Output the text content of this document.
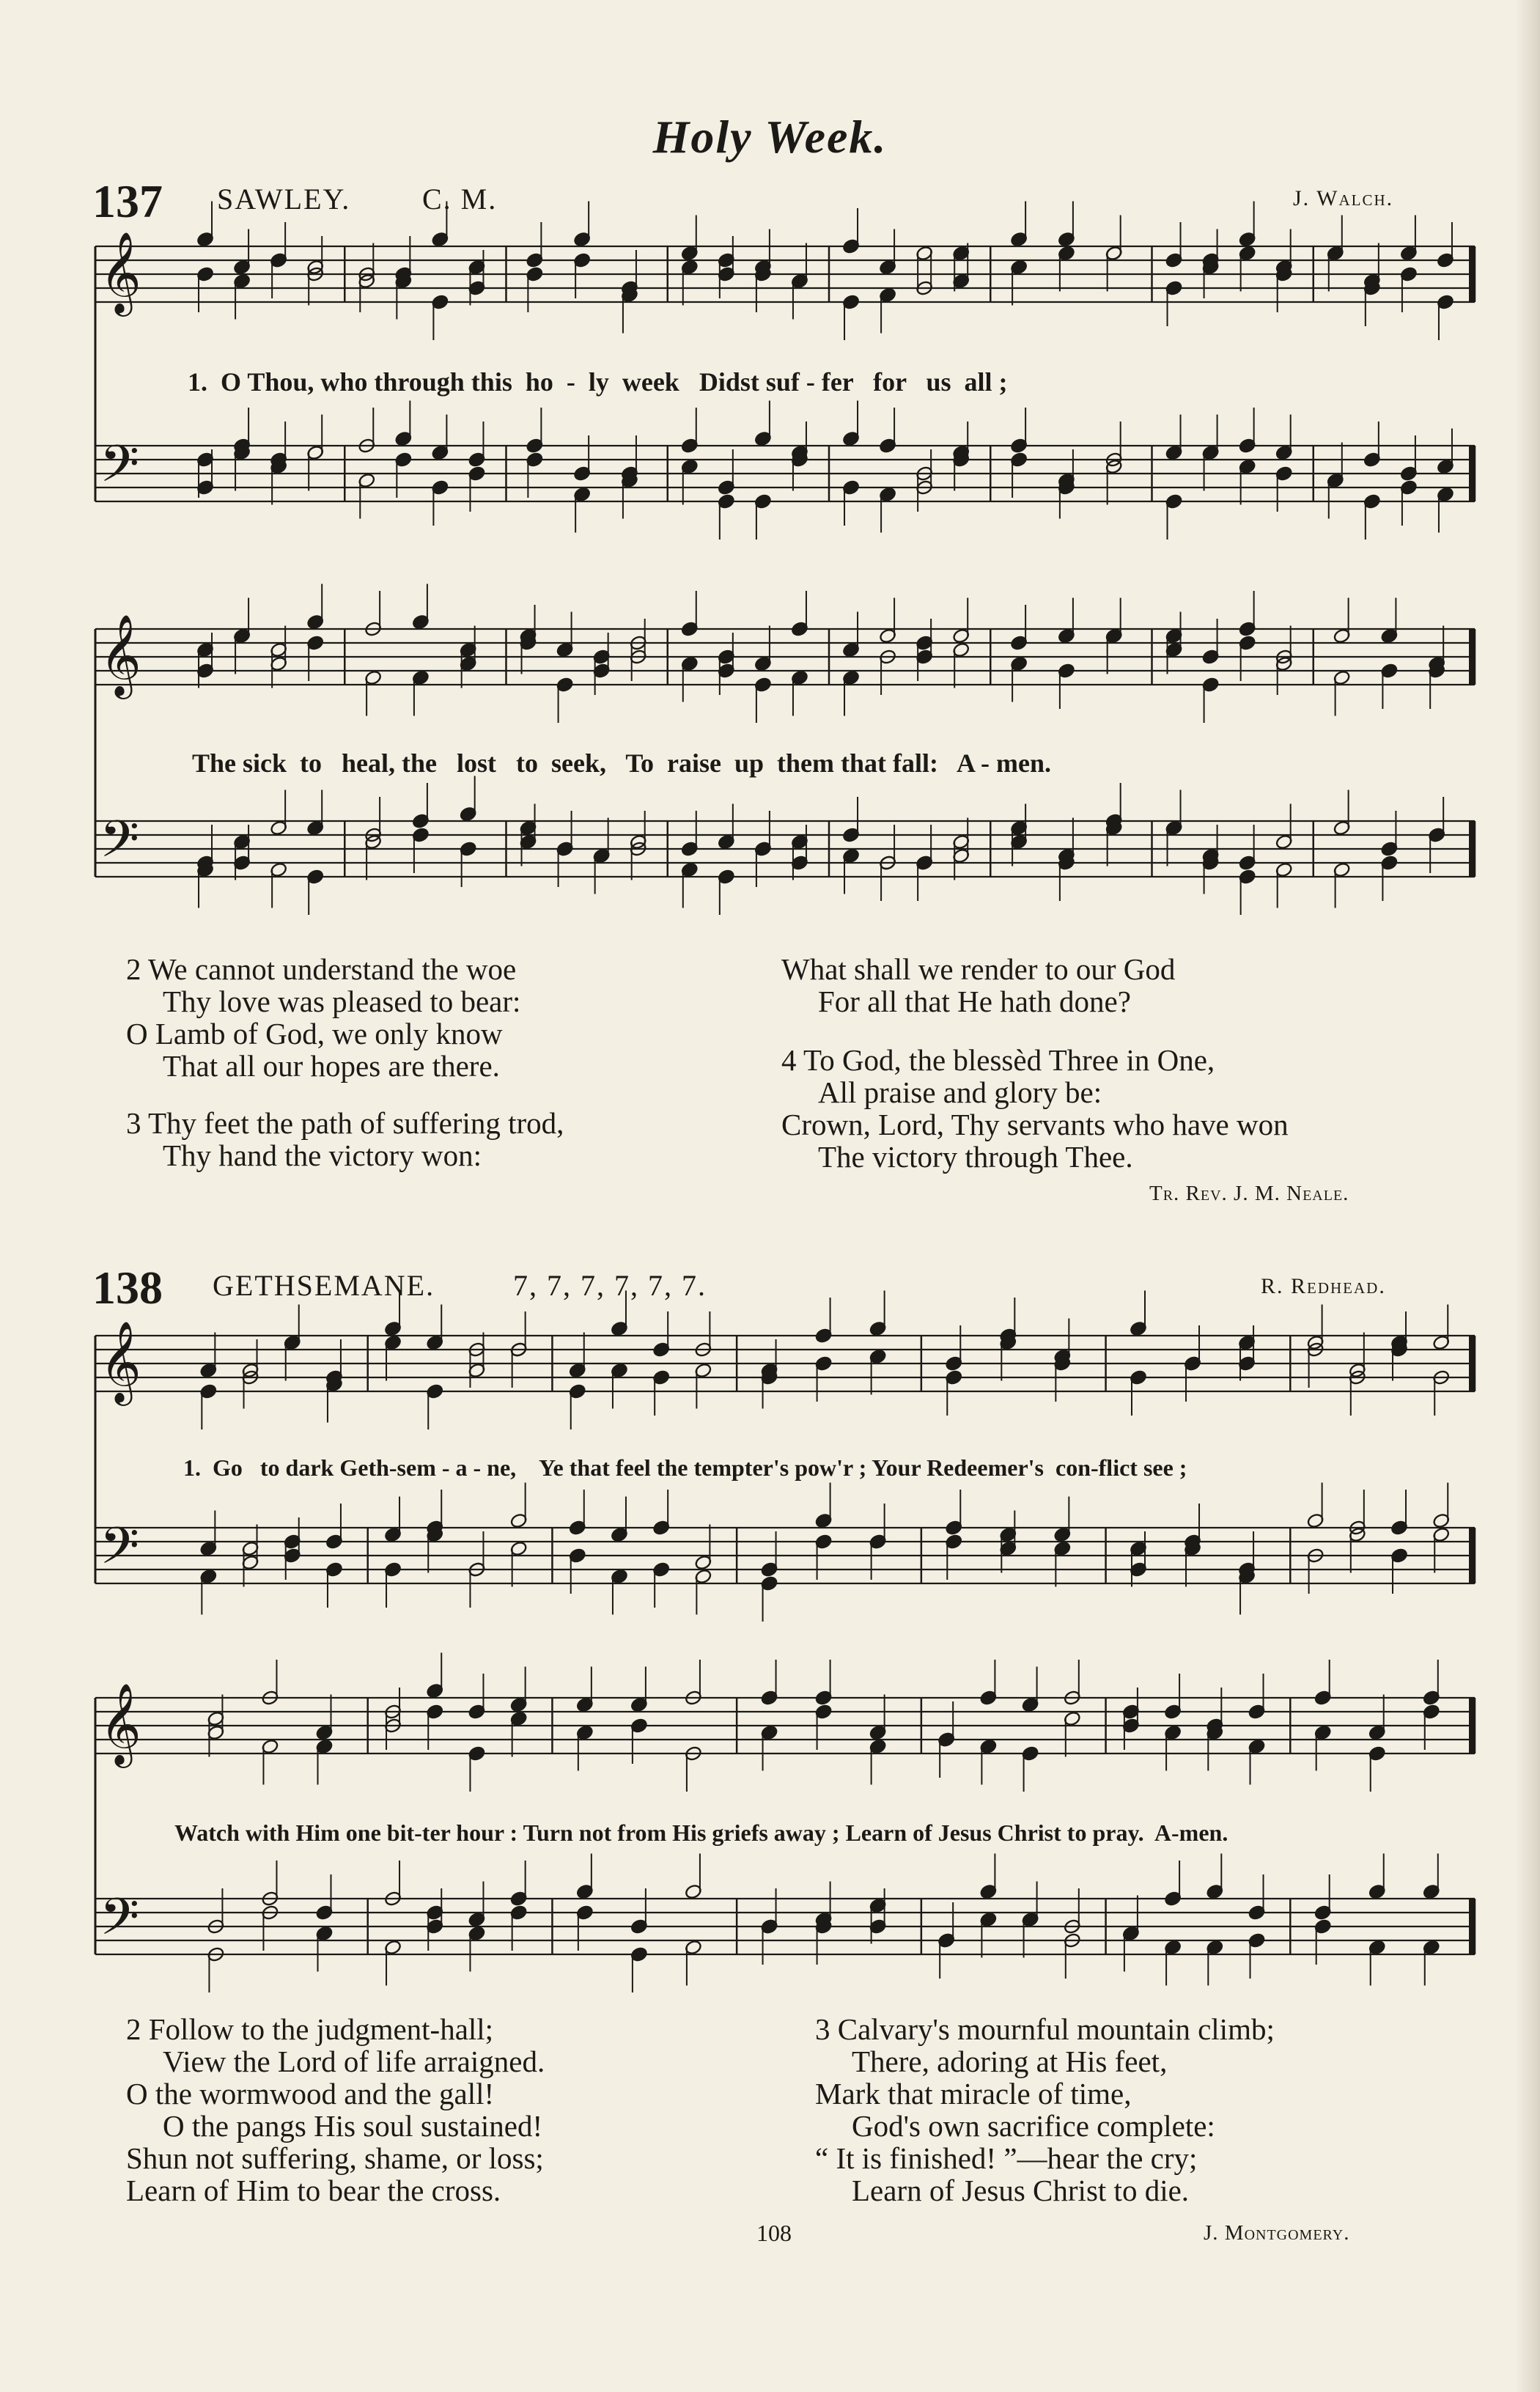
Holy Week.
137 SAWLEY. C. M.	J. Walch.
𝄞
𝄢
𝄞
𝄢
𝄞
𝄢
𝄞
𝄢
1.  O Thou, who through this  ho  -  ly  week   Didst suf - fer   for   us  all ;
The sick  to   heal, the   lost   to  seek,   To  raise  up  them that fall:   A - men.
2 We cannot understand the woe
Thy love was pleased to bear:
O Lamb of God, we only know
That all our hopes are there.
3 Thy feet the path of suffering trod,
Thy hand the victory won:
What shall we render to our God
For all that He hath done?
4 To God, the blessèd Three in One,
All praise and glory be:
Crown, Lord, Thy servants who have won
The victory through Thee.
Tr. Rev. J. M. Neale.
138 GETHSEMANE.	7, 7, 7, 7, 7, 7.	R. Redhead.
1.  Go   to dark Geth-sem - a - ne,    Ye that feel the tempter's pow'r ; Your Redeemer's  con-flict see ;
Watch with Him one bit-ter hour : Turn not from His griefs away ; Learn of Jesus Christ to pray.  A-men.
2 Follow to the judgment-hall;
View the Lord of life arraigned.
O the wormwood and the gall!
O the pangs His soul sustained!
Shun not suffering, shame, or loss;
Learn of Him to bear the cross.
3 Calvary's mournful mountain climb;
There, adoring at His feet,
Mark that miracle of time,
God's own sacrifice complete:
“ It is finished! ”—hear the cry;
Learn of Jesus Christ to die.
108	J. Montgomery.
